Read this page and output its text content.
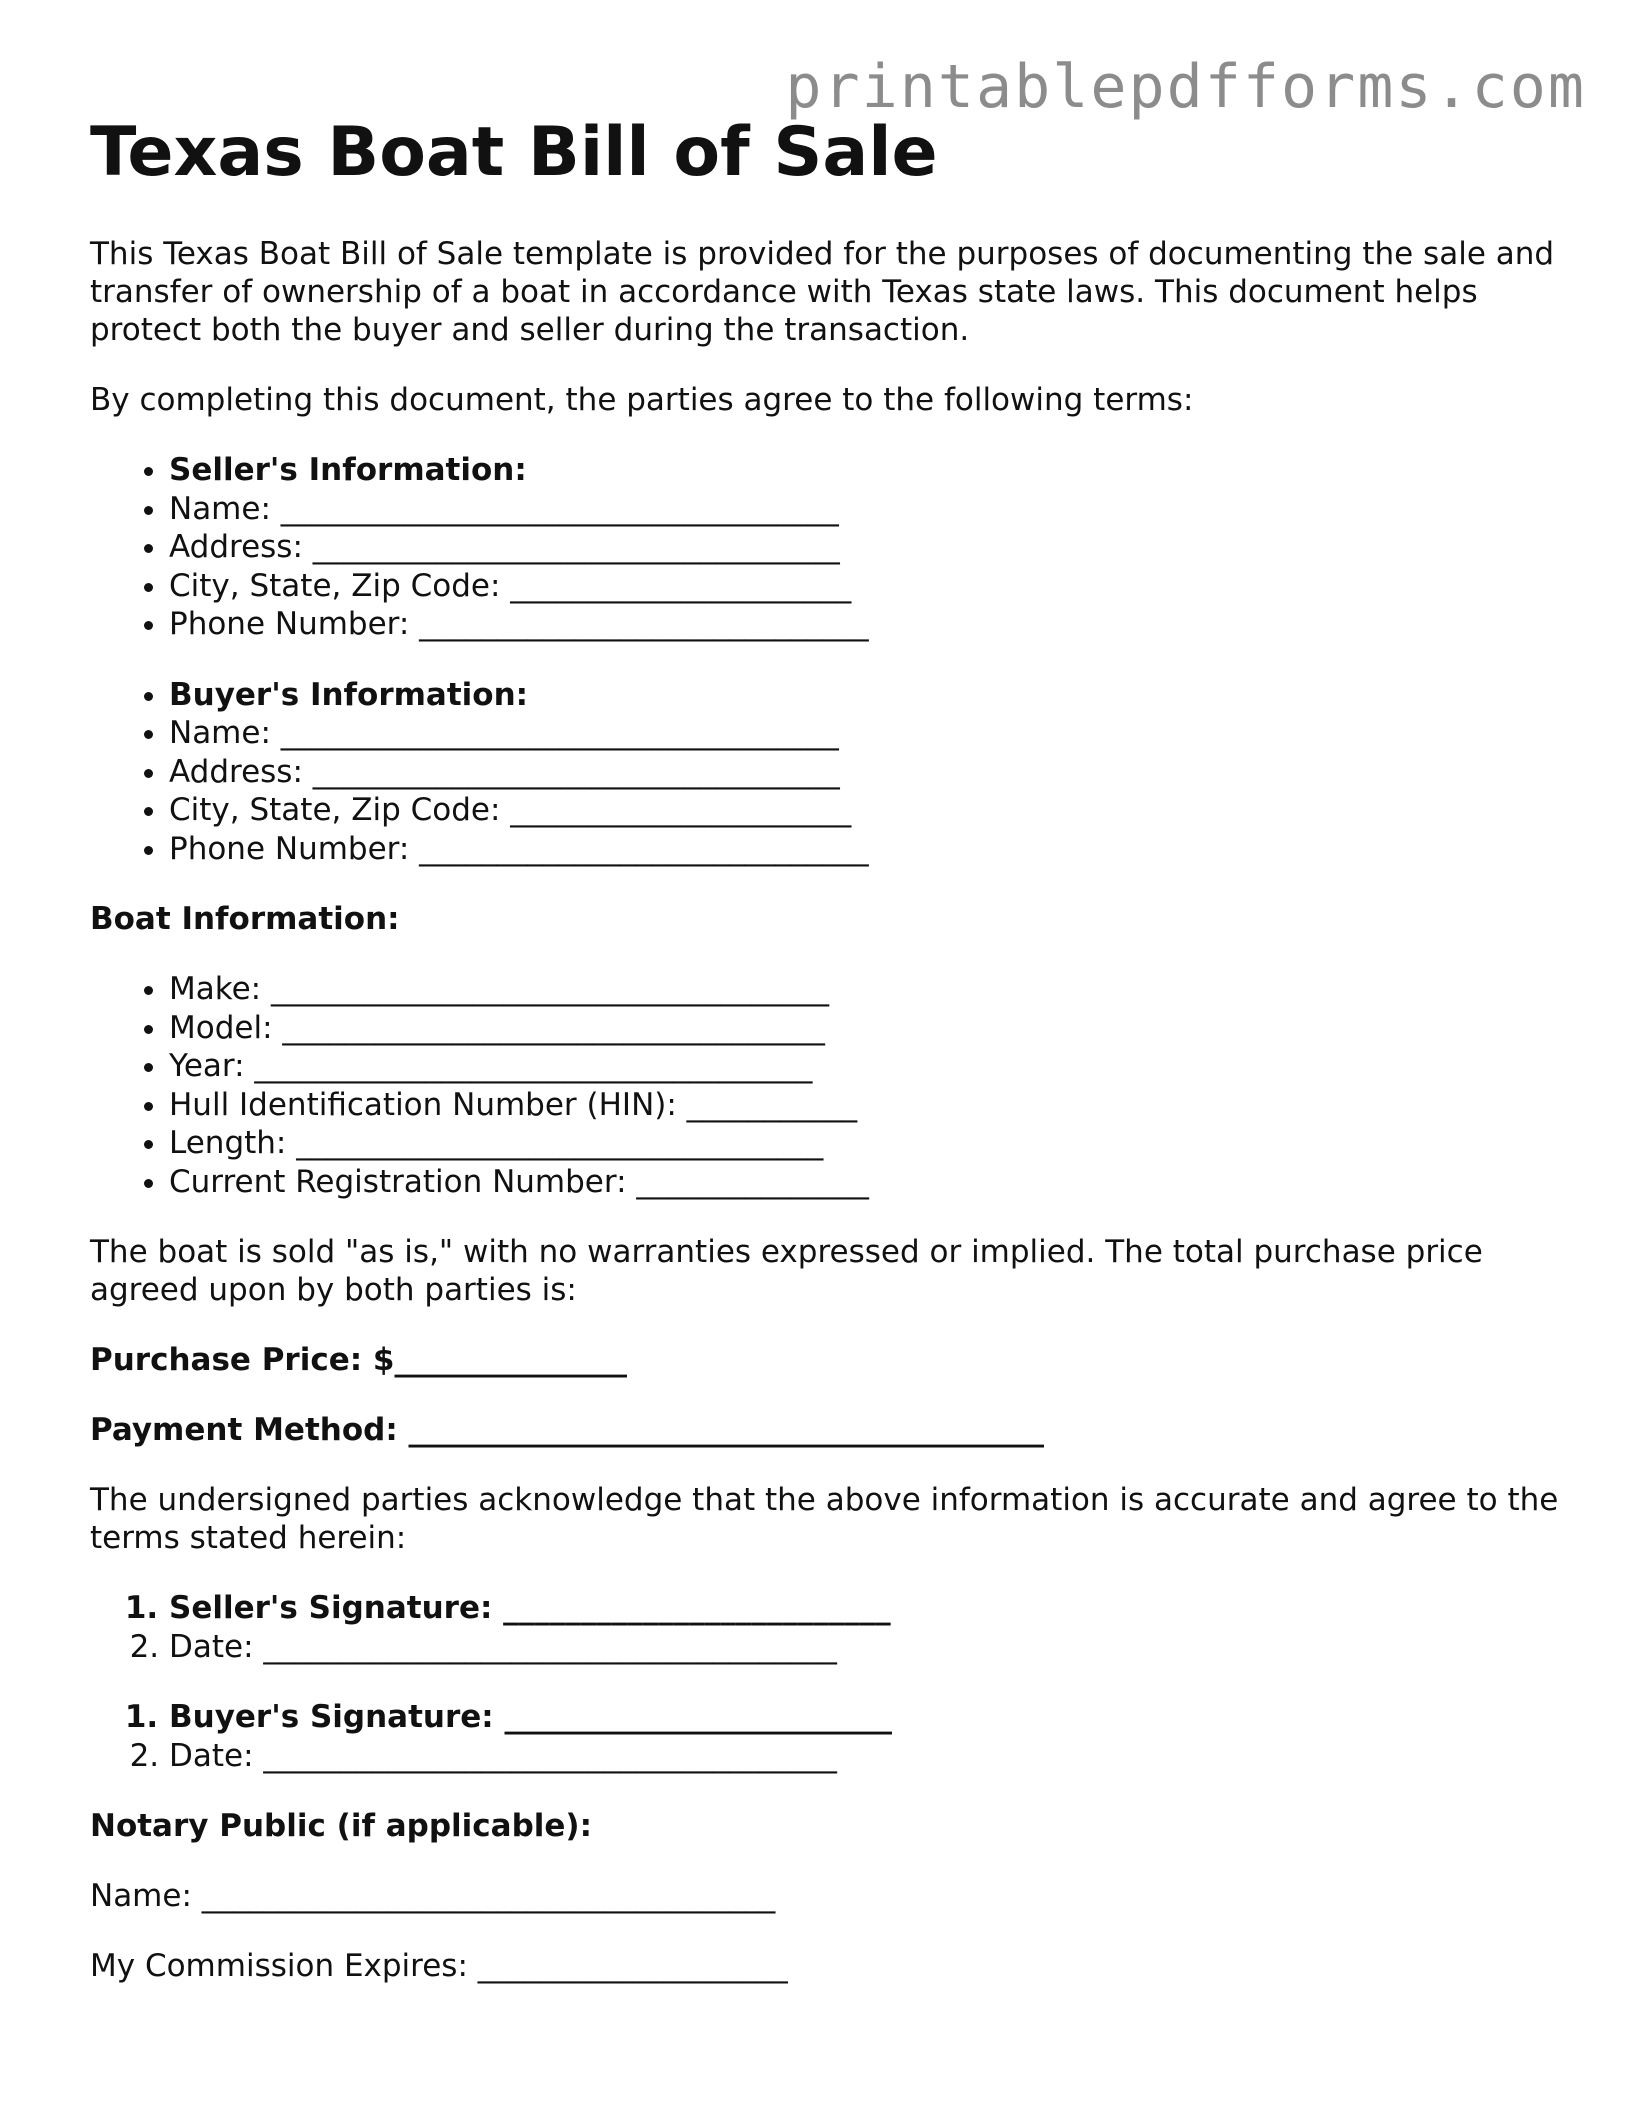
printablepdfforms.com
Texas Boat Bill of Sale

This Texas Boat Bill of Sale template is provided for the purposes of documenting the sale and transfer of ownership of a boat in accordance with Texas state laws. This document helps protect both the buyer and seller during the transaction.

By completing this document, the parties agree to the following terms:

• Seller's Information:
• Name: ____________________________________
• Address: __________________________________
• City, State, Zip Code: ______________________
• Phone Number: _____________________________
• Buyer's Information:
• Name: ____________________________________
• Address: __________________________________
• City, State, Zip Code: ______________________
• Phone Number: _____________________________

Boat Information:

• Make: ____________________________________
• Model: ___________________________________
• Year: ____________________________________
• Hull Identification Number (HIN): ___________
• Length: __________________________________
• Current Registration Number: _______________

The boat is sold "as is," with no warranties expressed or implied. The total purchase price agreed upon by both parties is:

Purchase Price: $_______________

Payment Method: _________________________________________

The undersigned parties acknowledge that the above information is accurate and agree to the terms stated herein:

1. Seller's Signature: _________________________
2. Date: _____________________________________
1. Buyer's Signature: _________________________
2. Date: _____________________________________

Notary Public (if applicable):

Name: _____________________________________

My Commission Expires: ____________________
